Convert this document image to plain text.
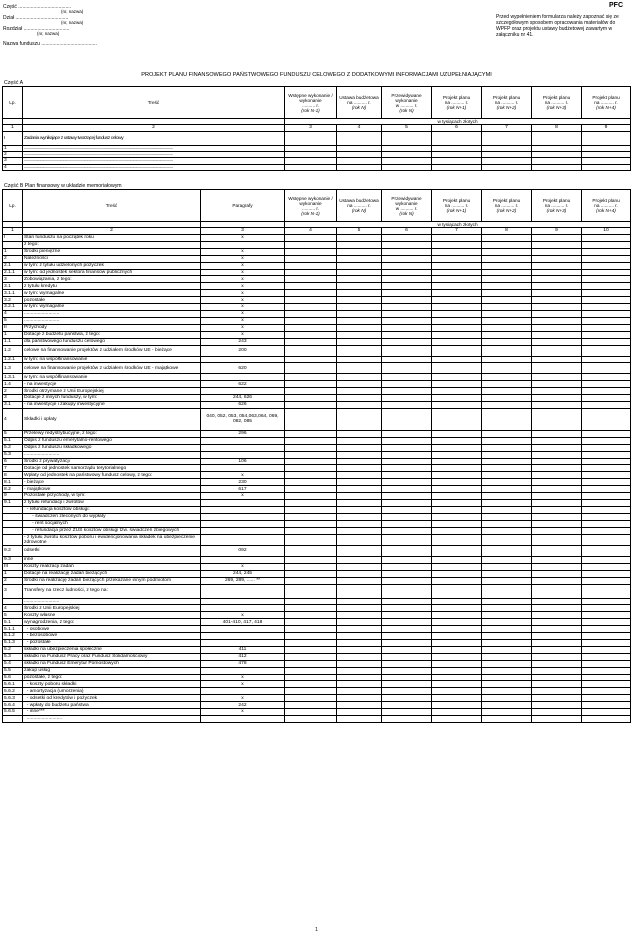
Część ......................................
(nr, nazwa)
Dział ......................................
(nr, nazwa)
Rozdział .................................
(nr, nazwa)
Nazwa funduszu ........................................
PFC
Przed wypełnieniem formularza należy zapoznać się ze szczegółowym sposobem opracowania materiałów do WPFP oraz projektu ustawy budżetowej zawartym w załączniku nr 41.
PROJEKT PLANU FINANSOWEGO PAŃSTWOWEGO FUNDUSZU CELOWEGO Z DODATKOWYMI INFORMACJAMI UZUPEŁNIAJĄCYMI
Część A
Lp.	Treść	Wstępne wykonanie / wykonanie
.......... r.
(rok N-1)	Ustawa budżetowa
na .......... r.
(rok N)	Przewidywane wykonanie
w .......... r.
(rok N)	Projekt planu
na .......... r.
(rok N+1)	Projekt planu
na .......... r.
(rok N+2)	Projekt planu
na .......... r.
(rok N+3)	Projekt planu
na .......... r.
(rok N+4)
		w tysiącach złotych						
1	2	3	4	5	6	7	8	9
I	Zadania wynikające z ustawy tworzącej fundusz celowy							
1	...........................................................................................................................................................							
2	...........................................................................................................................................................							
3	...........................................................................................................................................................							
4	...........................................................................................................................................................							
Część B Plan finansowy w układzie memoriałowym
Lp.	Treść	Paragrafy	Wstępne wykonanie / wykonanie
.......... r.
(rok N-1)	Ustawa budżetowa
na .......... r.
(rok N)	Przewidywane wykonanie
w .......... r.
(rok N)	Projekt planu
na .......... r.
(rok N+1)	Projekt planu
na .......... r.
(rok N+2)	Projekt planu
na .......... r.
(rok N+3)	Projekt planu
na .......... r.
(rok N+4)
			w tysiącach złotych						
1	2	3	4	5	6	7	8	9	10
I	Stan funduszu na początek roku	x							
	z tego:								
1	Środki pieniężne	x							
2	Należności	x							
2.1	w tym: z tytułu udzielonych pożyczek	x							
2.1.1	w tym: od jednostek sektora finansów publicznych	x							
3	Zobowiązania, z tego:	x							
3.1	z tytułu kredytu	x							
3.1.1	w tym: wymagalne	x							
3.2	pozostałe	x							
3.2.1	w tym: wymagalne	x							
4	..........................	x							
5	..........................	x							
II	Przychody	x							
1	Dotacje z budżetu państwa, z tego:	x							
1.1	dla państwowego funduszu celowego	243							
1.2	celowe na finansowanie projektów z udziałem środków UE - bieżące	200							
1.2.1	w tym: na współfinansowanie								
1.3	celowe na finansowanie projektów z udziałem środków UE - majątkowe	620							
1.3.1	w tym: na współfinansowanie								
1.4	- na inwestycje	622							
2	Środki otrzymane z Unii Europejskiej								
3	Dotacje z innych funduszy, w tym:	244, 626							
3.1	- na inwestycje i zakupy inwestycyjne	626							
4	Składki i opłaty	040, 052, 053, 054,063,064, 069, 082, 085							
5	Przelewy redystrybucyjne, z tego:	296							
5.1	Odpis z funduszu emerytalno-rentowego								
5.2	Odpis z funduszu składkowego								
5.3	..........................								
6	Środki z prywatyzacji	106							
7	Dotacje od jednostek samorządu terytorialnego								
8	Wpłaty od jednostek na państwowy fundusz celowy, z tego:	x							
8.1	- bieżące	230							
8.2	- majątkowe	617							
9	Pozostałe przychody, w tym:	x							
9.1	z tytułu refundacji i zwrotów								
	- refundacja kosztów obsługi:								
	- świadczeń zleconych do wypłaty								
	- rent socjalnych								
	- refundacja przez ZUS kosztów obsługi tzw. świadczeń zbiegowych								
	- z tytułu zwrotu kosztów poboru i ewidencjonowania składek na ubezpieczenie zdrowotne								
9.2	odsetki	092							
9.3	inne								
III	Koszty realizacji zadań	x							
1	Dotacje na realizację zadań bieżących	244, 245							
2	Środki na realizację zadań bieżących przekazane innym podmiotom	269, 289, ...... **							
3	Transfery na rzecz ludności, z tego na:								
	..........................								
4	Środki z Unii Europejskiej								
5	Koszty własne	x							
5.1	wynagrodzenia, z tego:	401-410, 417, 418							
5.1.1	- osobowe								
5.1.2	- bezosobowe								
5.1.3	- pozostałe								
5.2	składki na ubezpieczenia społeczne	411							
5.3	składki na Fundusz Pracy oraz Fundusz Solidarnościowy	412							
5.4	składki na Fundusz Emerytur Pomostowych	478							
5.5	zakup usług								
5.6	pozostałe, z tego:	x							
5.6.1	- koszty poboru składki	x							
5.6.2	- amortyzacja (umorzenia)								
5.6.3	- odsetki od kredytów i pożyczek	x							
5.6.4	- wpłaty do budżetu państwa	242							
5.6.5	- inne***	x							
	..........................								
1
